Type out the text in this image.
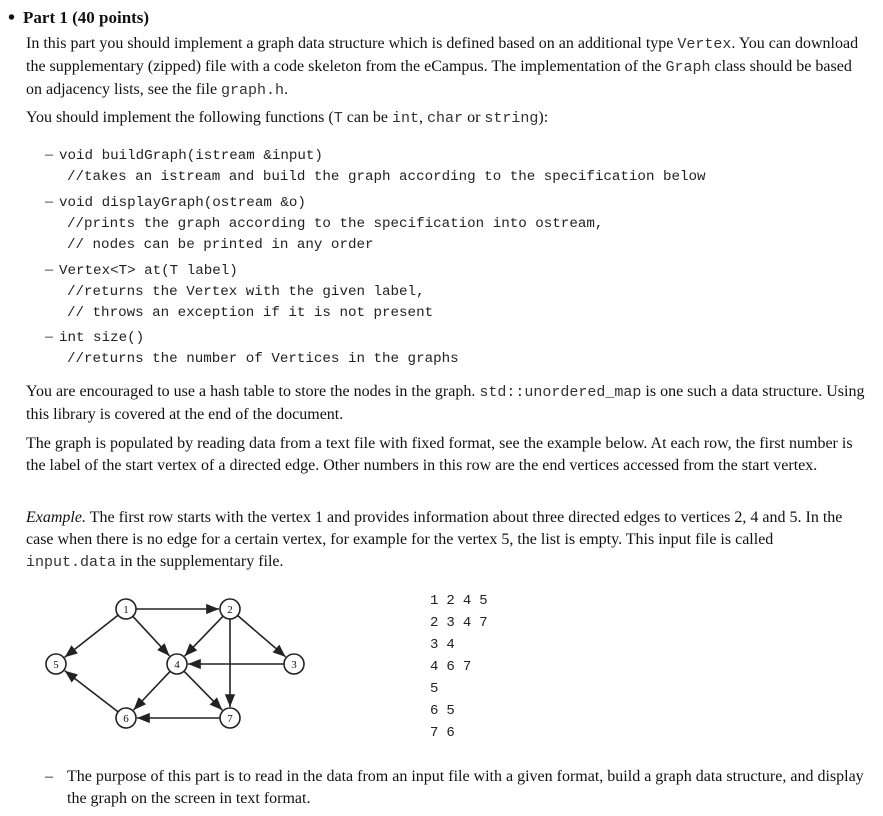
• Part 1 (40 points)
In this part you should implement a graph data structure which is defined based on an additional type Vertex. You can download the supplementary (zipped) file with a code skeleton from the eCampus. The implementation of the Graph class should be based on adjacency lists, see the file graph.h.
You should implement the following functions (T can be int, char or string):
– void buildGraph(istream &input)
//takes an istream and build the graph according to the specification below
– void displayGraph(ostream &o)
//prints the graph according to the specification into ostream,
// nodes can be printed in any order
– Vertex<T> at(T label)
//returns the Vertex with the given label,
// throws an exception if it is not present
– int size()
//returns the number of Vertices in the graphs
You are encouraged to use a hash table to store the nodes in the graph. std::unordered_map is one such a data structure. Using this library is covered at the end of the document.
The graph is populated by reading data from a text file with fixed format, see the example below. At each row, the first number is the label of the start vertex of a directed edge. Other numbers in this row are the end vertices accessed from the start vertex.
Example. The first row starts with the vertex 1 and provides information about three directed edges to vertices 2, 4 and 5. In the case when there is no edge for a certain vertex, for example for the vertex 5, the list is empty. This input file is called input.data in the supplementary file.
1	2
3
4
5
6	7
1 2 4 5
2 3 4 7
3 4
4 6 7
5
6 5
7 6
– The purpose of this part is to read in the data from an input file with a given format, build a graph data structure, and display the graph on the screen in text format.
